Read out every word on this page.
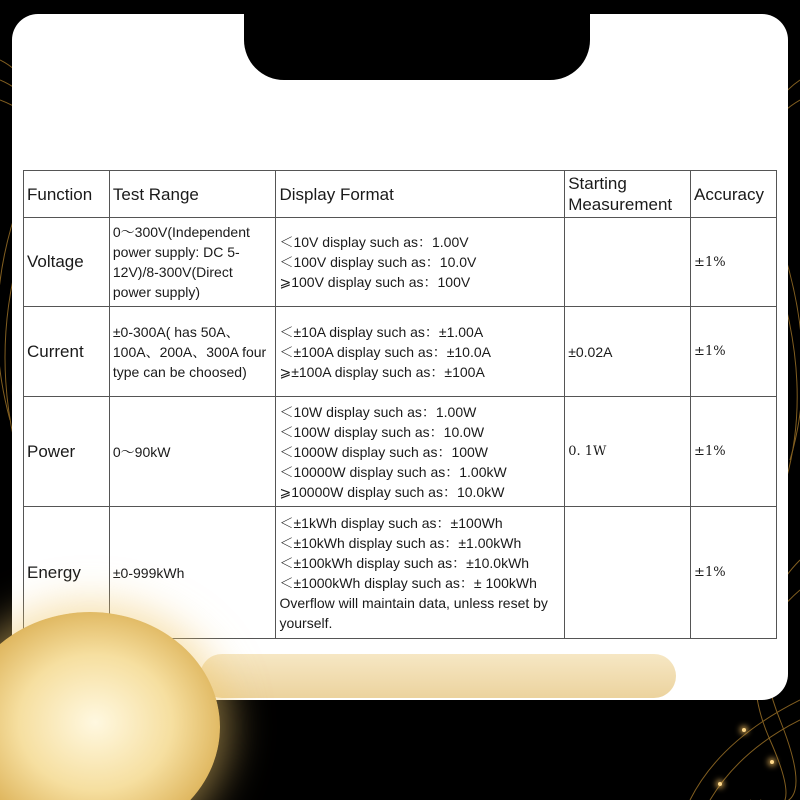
Function	Test Range	Display Format	Starting
Measurement	Accuracy
Voltage	0～300V(Independent power supply: DC 5-12V)/8-300V(Direct power supply)	＜10V display such as：1.00V
＜100V display such as：10.0V
⩾100V display such as：100V		±1%
Current	±0-300A( has 50A、100A、200A、300A four type can be choosed)	＜±10A display such as：±1.00A
＜±100A display such as：±10.0A
⩾±100A display such as：±100A	±0.02A	±1%
Power	0～90kW	＜10W display such as：1.00W
＜100W display such as：10.0W
＜1000W display such as：100W
＜10000W display such as：1.00kW
⩾10000W display such as：10.0kW	0. 1W	±1%
Energy	±0-999kWh	＜±1kWh display such as：±100Wh
＜±10kWh display such as：±1.00kWh
＜±100kWh display such as：±10.0kWh
＜±1000kWh display such as：± 100kWh Overflow will maintain data, unless reset by yourself.		±1%
